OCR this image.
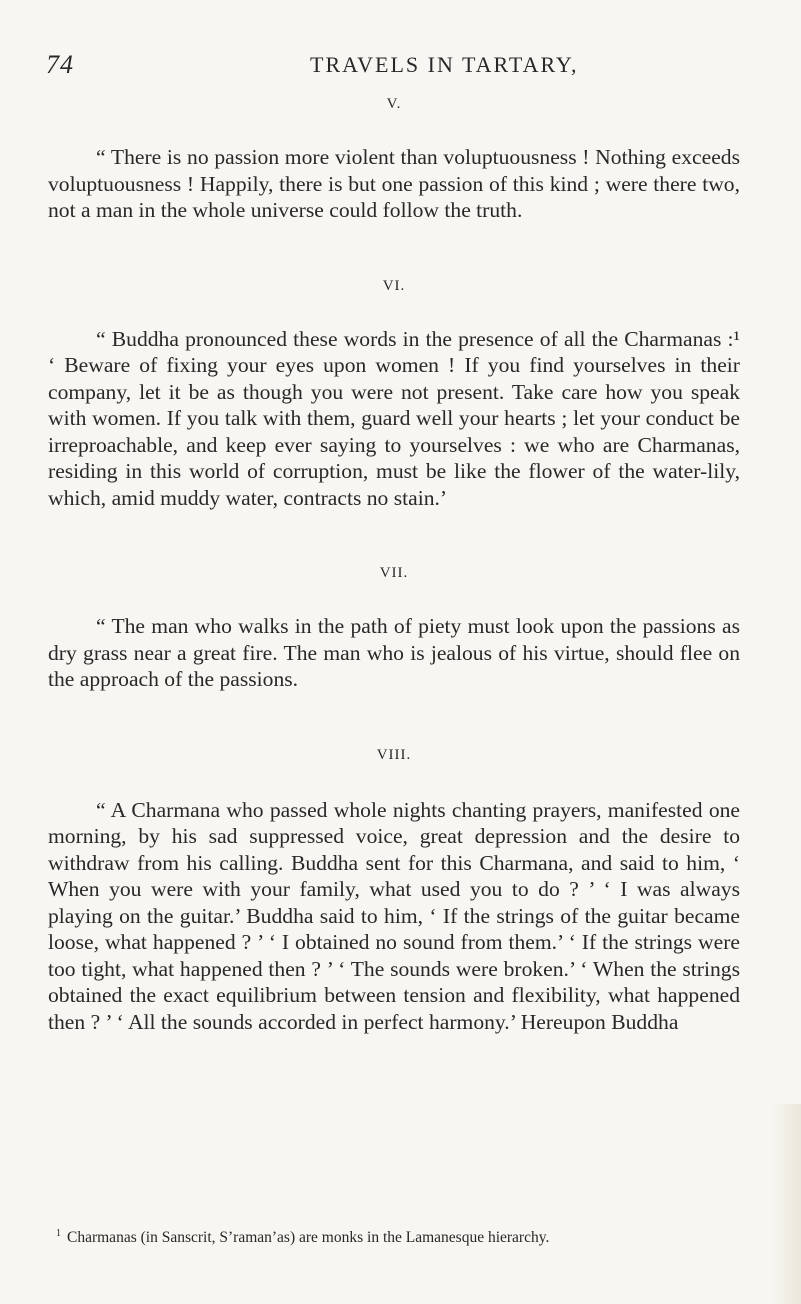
74	TRAVELS IN TARTARY,

V.

“ There is no passion more violent than voluptuousness ! Nothing exceeds voluptuousness ! Happily, there is but one passion of this kind ; were there two, not a man in the whole universe could follow the truth.

VI.

“ Buddha pronounced these words in the presence of all the Charmanas :¹ ‘ Beware of fixing your eyes upon women ! If you find yourselves in their company, let it be as though you were not present. Take care how you speak with women. If you talk with them, guard well your hearts ; let your conduct be irreproachable, and keep ever saying to yourselves : we who are Charmanas, residing in this world of corruption, must be like the flower of the water-lily, which, amid muddy water, contracts no stain.’

VII.

“ The man who walks in the path of piety must look upon the passions as dry grass near a great fire. The man who is jealous of his virtue, should flee on the approach of the passions.

VIII.

“ A Charmana who passed whole nights chanting prayers, manifested one morning, by his sad suppressed voice, great depression and the desire to withdraw from his calling. Buddha sent for this Charmana, and said to him, ‘ When you were with your family, what used you to do ? ’ ‘ I was always playing on the guitar.’ Buddha said to him, ‘ If the strings of the guitar became loose, what happened ? ’ ‘ I obtained no sound from them.’ ‘ If the strings were too tight, what happened then ? ’ ‘ The sounds were broken.’ ‘ When the strings obtained the exact equilibrium between tension and flexibility, what happened then ? ’ ‘ All the sounds accorded in perfect harmony.’ Hereupon Buddha

$^1$ Charmanas (in Sanscrit, S’raman’as) are monks in the Lamanesque hierarchy.
